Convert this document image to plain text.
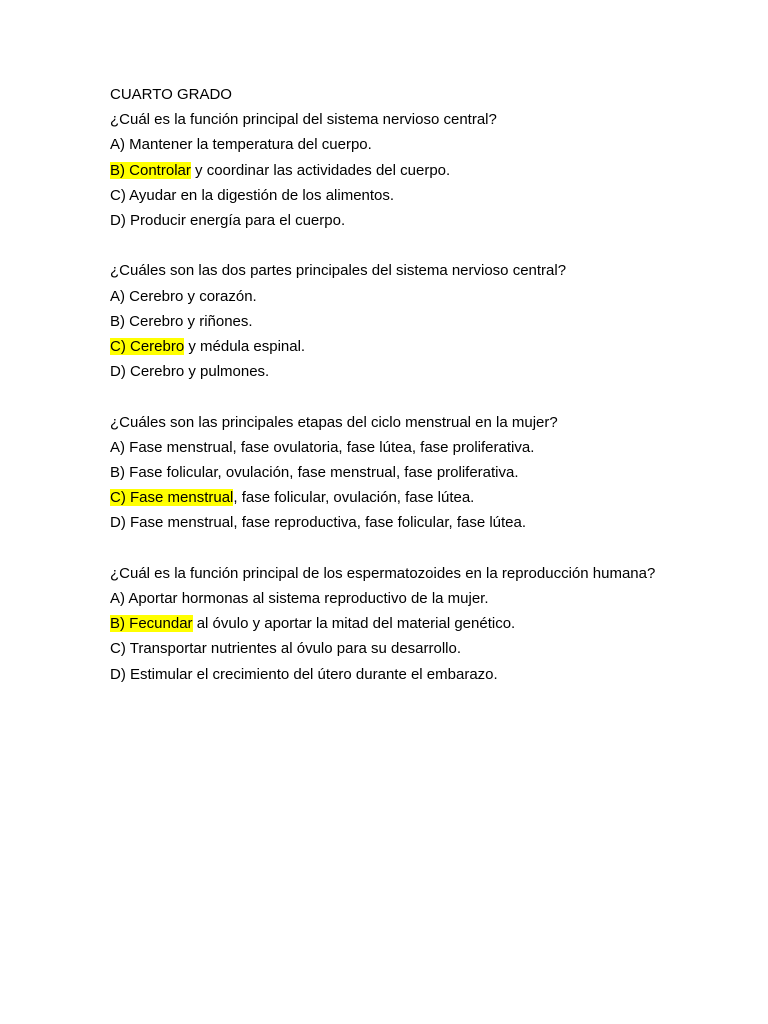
CUARTO GRADO
¿Cuál es la función principal del sistema nervioso central?
A) Mantener la temperatura del cuerpo.
B) Controlar y coordinar las actividades del cuerpo.
C) Ayudar en la digestión de los alimentos.
D) Producir energía para el cuerpo.
¿Cuáles son las dos partes principales del sistema nervioso central?
A) Cerebro y corazón.
B) Cerebro y riñones.
C) Cerebro y médula espinal.
D) Cerebro y pulmones.
¿Cuáles son las principales etapas del ciclo menstrual en la mujer?
A) Fase menstrual, fase ovulatoria, fase lútea, fase proliferativa.
B) Fase folicular, ovulación, fase menstrual, fase proliferativa.
C) Fase menstrual, fase folicular, ovulación, fase lútea.
D) Fase menstrual, fase reproductiva, fase folicular, fase lútea.
¿Cuál es la función principal de los espermatozoides en la reproducción humana?
A) Aportar hormonas al sistema reproductivo de la mujer.
B) Fecundar al óvulo y aportar la mitad del material genético.
C) Transportar nutrientes al óvulo para su desarrollo.
D) Estimular el crecimiento del útero durante el embarazo.
